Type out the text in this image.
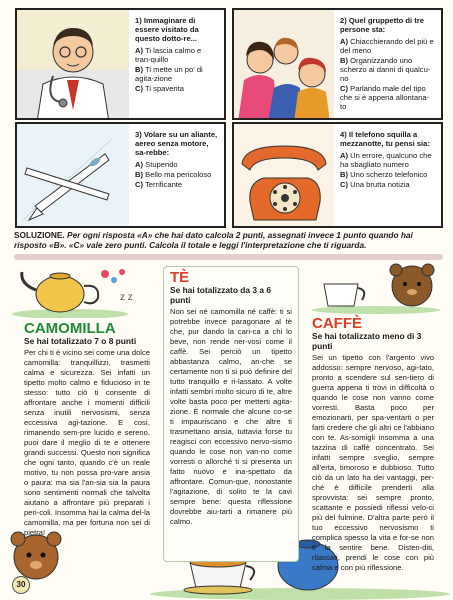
1) Immaginare di essere visitato da questo dotto-re...
A) Ti lascia calmo e tran-quillo
B) Ti mette un po' di agita-zione
C) Ti spaventa
2) Quel gruppetto di tre persone sta:
A) Chiacchierando del più e del meno
B) Organizzando uno scherzo ai danni di qualcu-no
C) Parlando male del tipo che si è appena allontana-to
3) Volare su un aliante, aereo senza motore, sa-rebbe:
A) Stupendo
B) Bello ma pericoloso
C) Terrificante
4) Il telefono squilla a mezzanotte, tu pensi sia:
A) Un errore, qualcuno che ha sbagliato numero
B) Uno scherzo telefonico
C) Una brutta notizia
SOLUZIONE. Per ogni risposta «A» che hai dato calcola 2 punti, assegnati invece 1 punto quando hai risposto «B». «C» vale zero punti. Calcola il totale e leggi l'interpretazione che ti riguarda.
z z
CAMOMILLA
Se hai totalizzato 7 o 8 punti
Per chi ti è vicino sei come una dolce camomilla: tranquillizzi, trasmetti calma e sicurezza. Sei infatti un tipetto molto calmo e fiducioso in te stesso: tutto ciò ti consente di affrontare anche i momenti difficili senza inutili nervosismi, senza eccessiva agi-tazione. E così, rimanendo sem-pre lucido e sereno, puoi dare il meglio di te e ottenere grandi successi. Questo non significa che ogni tanto, quando c'è un reale motivo, tu non possa pro-vare ansia o paura: ma sia l'an-sia sia la paura sono sentimenti normali che talvolta aiutano a affrontare più preparati i peri-coli. Insomma hai la calma del-la camomilla, ma per fortuna non sei di pietra!
TÈ
Se hai totalizzato da 3 a 6 punti
Non sei né camomilla né caffè: ti si potrebbe invece paragonare al tè che, pur dando la cari-ca a chi lo beve, non rende ner-vosi come il caffè. Sei perciò un tipetto abbastanza calmo, an-che se certamente non ti si può definire del tutto tranquillo e ri-lassato. A volte infatti sembri molto sicuro di te, altre volte basta poco per metterti agita-zione. È normale che alcune co-se ti impauriscano e che altre ti trasmettano ansia, tuttavia forse tu reagisci con eccessivo nervo-sismo quando le cose non van-no come vorresti o allorché ti si presenta un fatto nuovo e ina-spettato da affrontare. Comun-que, nonostante l'agitazione, di solito te la cavi sempre bene: questa riflessione dovrebbe aiu-tarti a rimanere più calmo.
CAFFÈ
Se hai totalizzato meno di 3 punti
Sei un tipetto con l'argento vivo addosso: sempre nervoso, agi-tato, pronto a scendere sul sen-tiero di guerra appena ti trovi in difficoltà o quando le cose non vanno come vorresti. Basta poco per emozionarti, per spa-ventarti o per farti credere che gli altri ce l'abbiano con te. As-somigli insomma a una tazzina di caffè concentrato. Sei infatti sempre sveglio, sempre all'erta, timoroso e dubbioso. Tutto ciò da un lato ha dei vantaggi, per-ché è difficile prenderti alla sprovvista: sei sempre pronto, scattante e possiedi riflessi velo-ci più del fulmine. D'altra parte però il tuo eccessivo nervosismo ti complica spesso la vita e for-se non ti fa sentire bene. Disten-diti, rilassati, prendi le cose con più calma e con più riflessione.
30
